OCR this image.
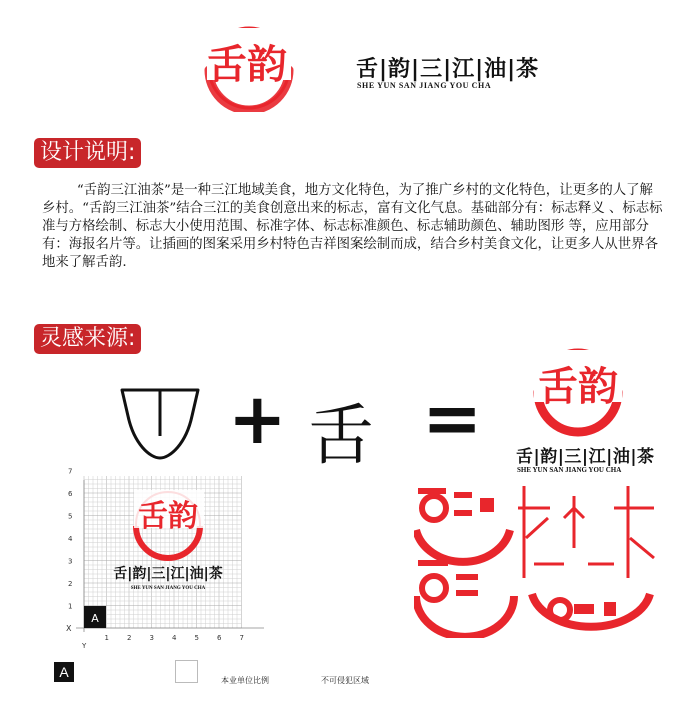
舌韵	舌|韵|三|江|油|茶
SHE YUN SAN JIANG YOU CHA
设计说明:

“舌韵三江油茶”是一种三江地域美食，地方文化特色，为了推广乡村的文化特色，让更多的人了解乡村。“舌韵三江油茶”结合三江的美食创意出来的标志，富有文化气息。基础部分有：标志释义 、标志标准与方格绘制、标志大小使用范围、标准字体、标志标准颜色、标志辅助颜色、辅助图形 等，应用部分有：海报名片等。让插画的图案采用乡村特色吉祥图案绘制而成，结合乡村美食文化，让更多人从世界各地来了解舌韵.

灵感来源:
+ 舌 = 舌韵
舌|韵|三|江|油|茶
SHE YUN SAN JIANG YOU CHA
7
6
5
4
3
2
1
1	2	3	4	5	6	7
X
Y
A
舌韵
舌|韵|三|江|油|茶
SHE YUN SAN JIANG YOU CHA
A
本业单位比例	不可侵犯区域
